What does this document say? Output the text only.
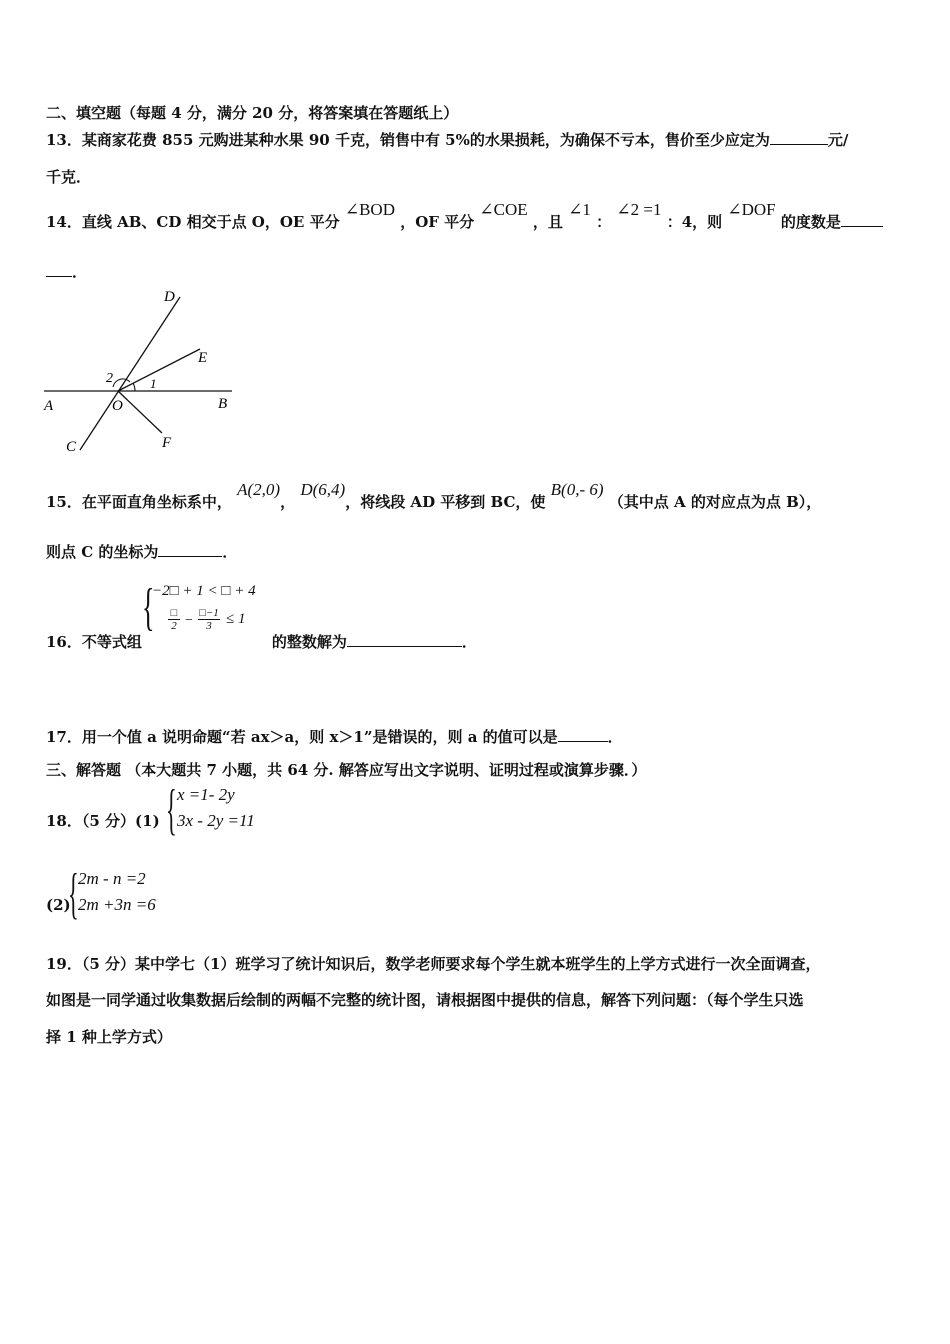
二、填空题（每题 4 分，满分 20 分，将答案填在答题纸上）
13．某商家花费 855 元购进某种水果 90 千克，销售中有 5%的水果损耗，为确保不亏本，售价至少应定为	元/
千克．
14．直线 AB、CD 相交于点 O，OE 平分 ∠BOD ，OF 平分 ∠COE ，且 ∠1 ： ∠2 =1 ：4，则 ∠DOF 的度数是
．
D
E
2	1
A	O	B
C	F
15．在平面直角坐标系中， A(2,0)， D(6,4)，将线段 AD 平移到 BC，使 B(0,- 6) （其中点 A 的对应点为点 B），
则点 C 的坐标为	．
16．不等式组	的整数解为	．
{
−2□ + 1 < □ + 4
□
$2 - \frac{□-1}{3} \le 1$
17．用一个值 a 说明命题“若 ax＞a，则 x＞1”是错误的，则 a 的值可以是	．
三、解答题 （本大题共 7 小题，共 64 分. 解答应写出文字说明、证明过程或演算步骤．）
18．（5 分）(1) { x =1- 2y
3x - 2y =11
(2)
{ 2m - n =2
2m +3n =6
19．（5 分）某中学七（1）班学习了统计知识后，数学老师要求每个学生就本班学生的上学方式进行一次全面调查，
如图是一同学通过收集数据后绘制的两幅不完整的统计图，请根据图中提供的信息，解答下列问题：（每个学生只选
择 1 种上学方式）
